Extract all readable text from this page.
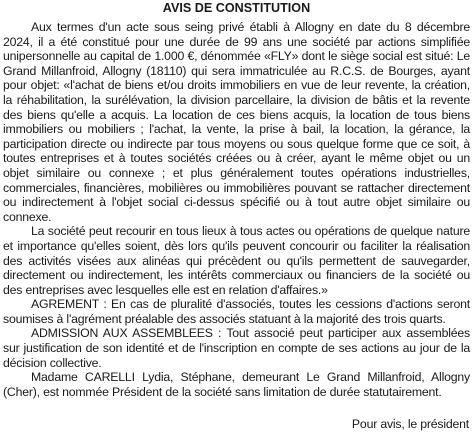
AVIS DE CONSTITUTION

Aux termes d'un acte sous seing privé établi à Allogny en date du 8 décembre 2024, il a été constitué pour une durée de 99 ans une société par actions simplifiée unipersonnelle au capital de 1.000 €, dénommée «FLY» dont le siège social est situé: Le Grand Millanfroid, Allogny (18110) qui sera immatriculée au R.C.S. de Bourges, ayant pour objet: «l'achat de biens et/ou droits immobiliers en vue de leur revente, la création, la réhabilitation, la surélévation, la division parcellaire, la division de bâtis et la revente des biens qu'elle a acquis. La location de ces biens acquis, la location de tous biens immobiliers ou mobiliers ; l'achat, la vente, la prise à bail, la location, la gérance, la participation directe ou indirecte par tous moyens ou sous quelque forme que ce soit, à toutes entreprises et à toutes sociétés créées ou à créer, ayant le même objet ou un objet similaire ou connexe ; et plus généralement toutes opérations industrielles, commerciales, financières, mobilières ou immobilières pouvant se rattacher directement ou indirectement à l'objet social ci-dessus spécifié ou à tout autre objet similaire ou connexe.

La société peut recourir en tous lieux à tous actes ou opérations de quelque nature et importance qu'elles soient, dès lors qu'ils peuvent concourir ou faciliter la réalisation des activités visées aux alinéas qui précèdent ou qu'ils permettent de sauvegarder, directement ou indirectement, les intérêts commerciaux ou financiers de la société ou des entreprises avec lesquelles elle est en relation d'affaires.»

AGREMENT : En cas de pluralité d'associés, toutes les cessions d'actions seront soumises à l'agrément préalable des associés statuant à la majorité des trois quarts.

ADMISSION AUX ASSEMBLEES : Tout associé peut participer aux assemblées sur justification de son identité et de l'inscription en compte de ses actions au jour de la décision collective.

Madame CARELLI Lydia, Stéphane, demeurant Le Grand Millanfroid, Allogny (Cher), est nommée Président de la société sans limitation de durée statutairement.

Pour avis, le président
